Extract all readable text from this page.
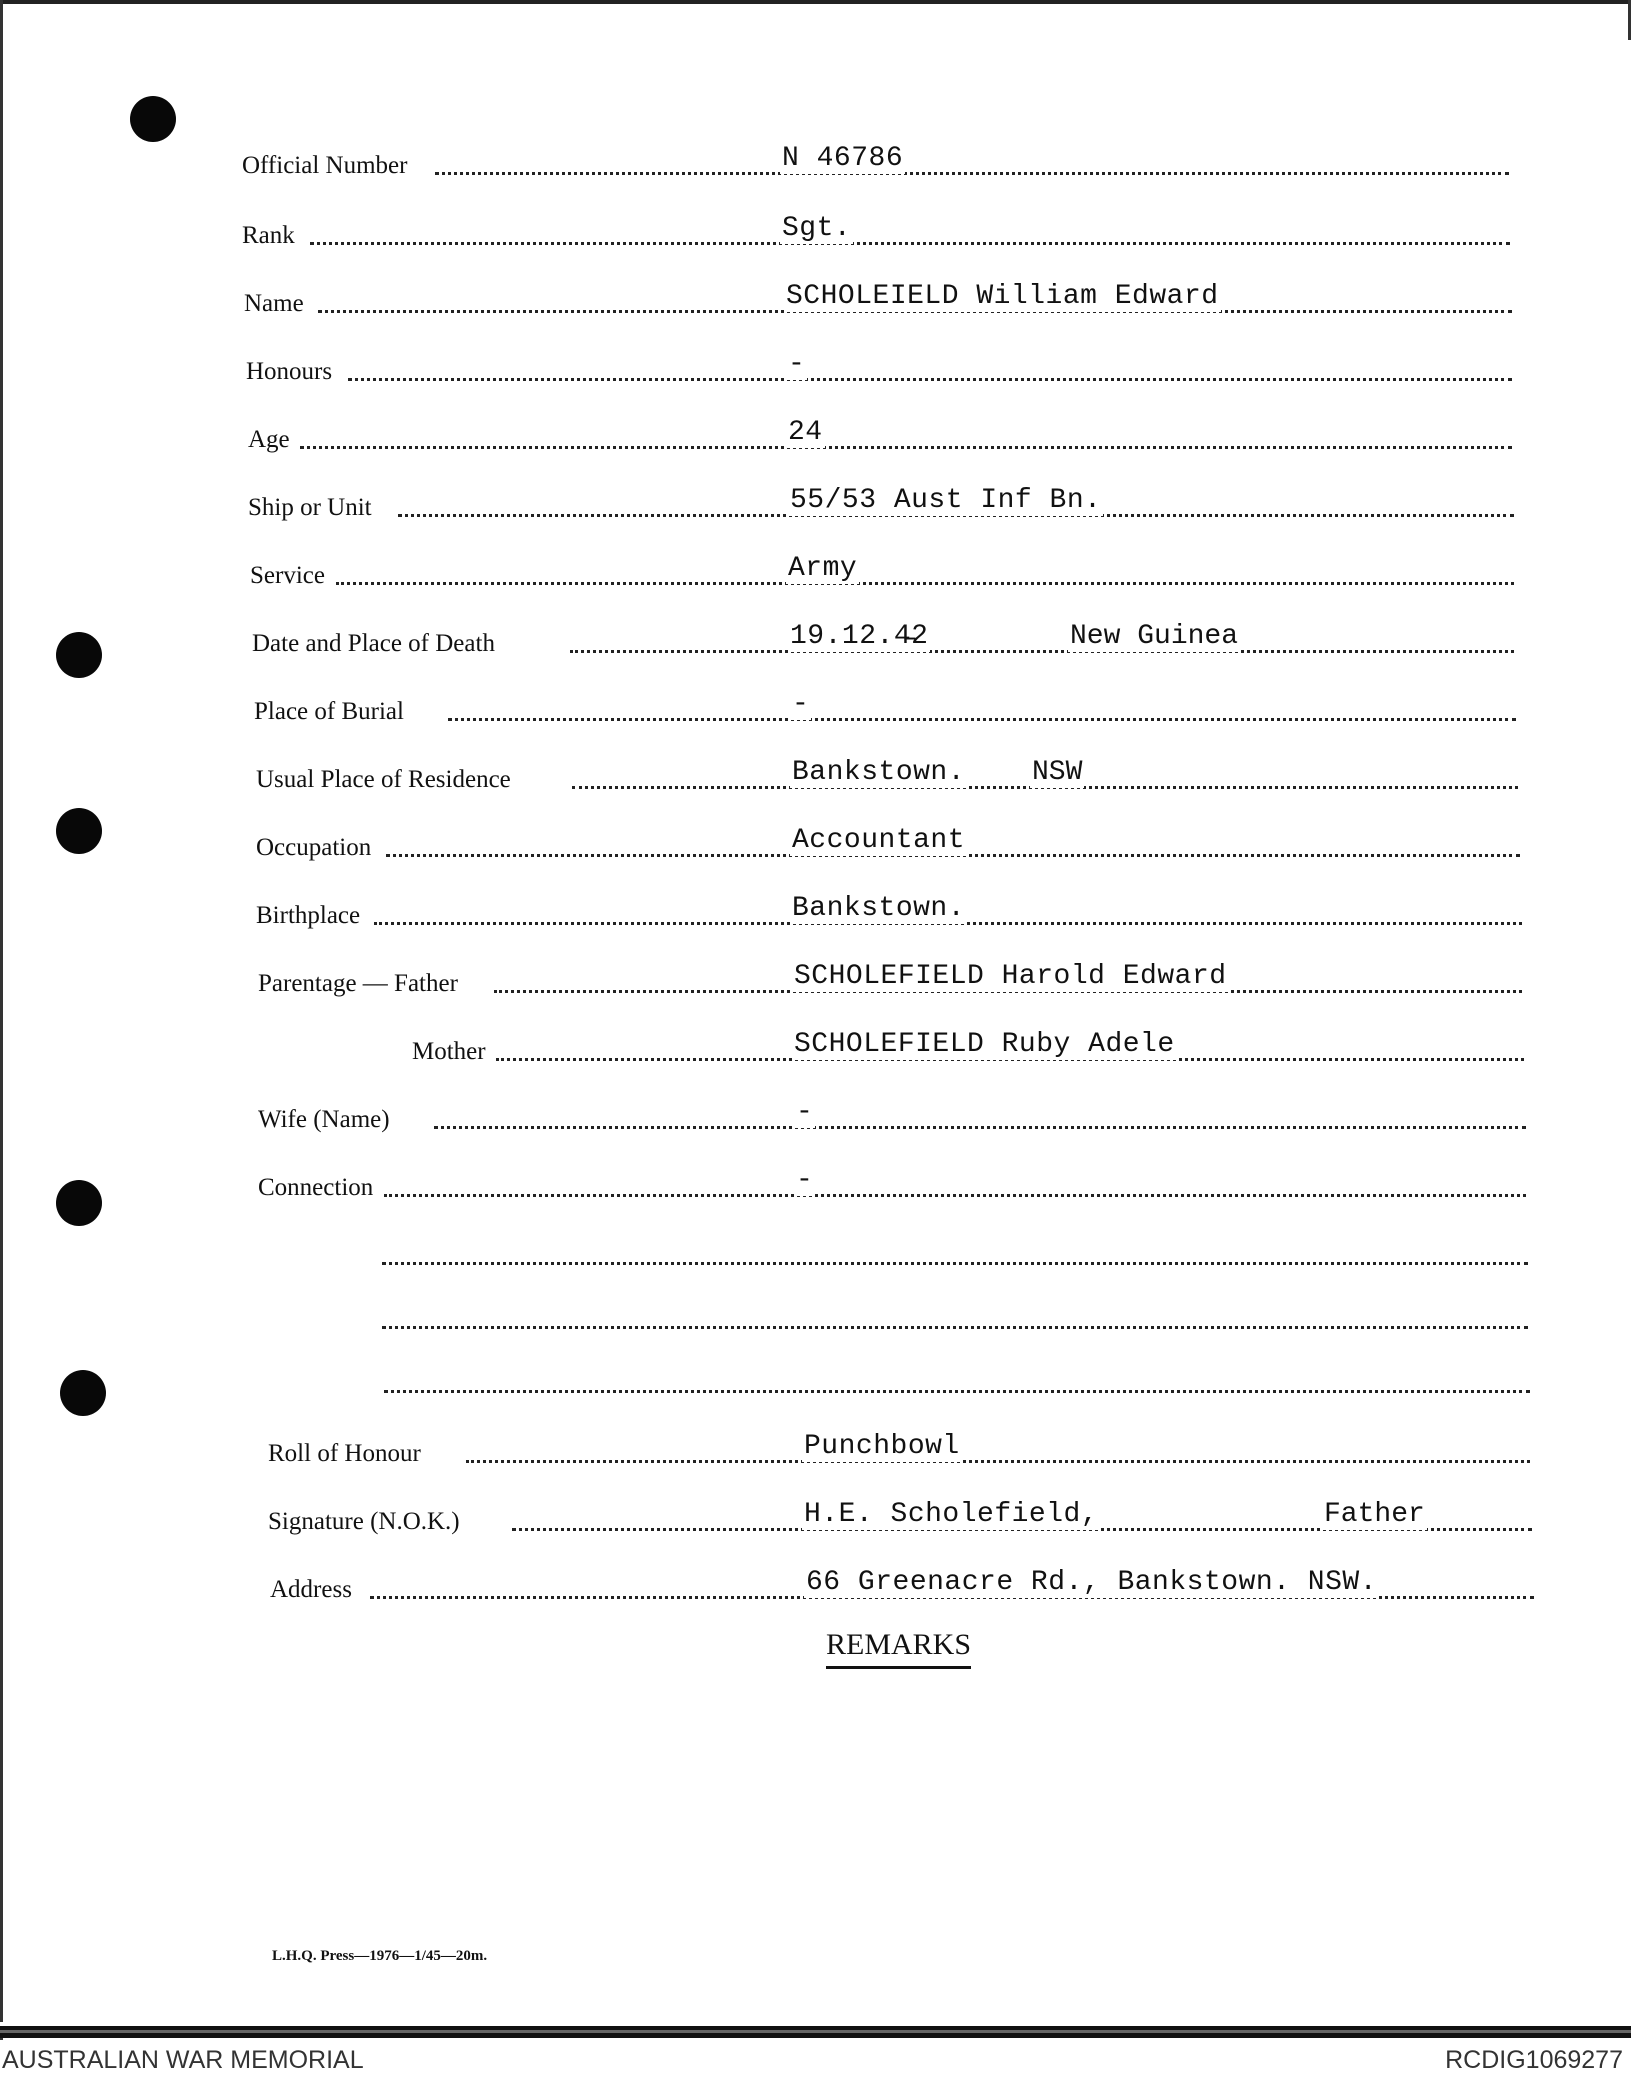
Official Number	N 46786
Rank	Sgt.
Name	SCHOLEIELD William Edward
Honours	-
Age	24
Ship or Unit	55/53 Aust Inf Bn.
Service	Army
Date and Place of Death	19.12.4̵2	New Guinea
Place of Burial	-
Usual Place of Residence	Bankstown. NSW
Occupation	Accountant
Birthplace	Bankstown.
Parentage — Father	SCHOLEFIELD Harold Edward
Mother	SCHOLEFIELD Ruby Adele
Wife (Name)	-
Connection	-
Roll of Honour	Punchbowl
Signature (N.O.K.)	H.E. Scholefield,	Father
Address	66 Greenacre Rd., Bankstown. NSW.
REMARKS
L.H.Q. Press—1976—1/45—20m.
AUSTRALIAN WAR MEMORIAL	RCDIG1069277
